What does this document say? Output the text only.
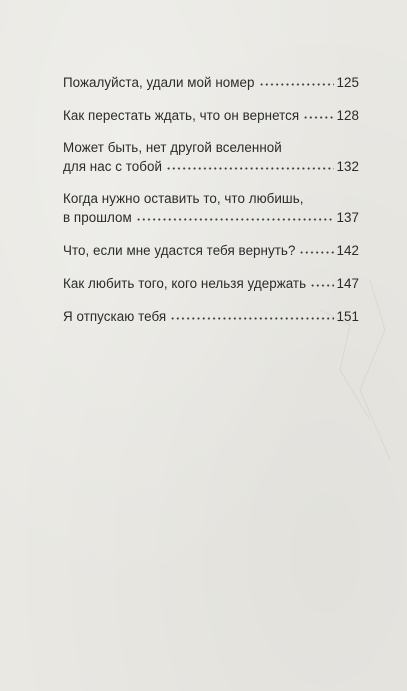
Пожалуйста, удали мой номер	125
Как перестать ждать, что он вернется	128
Может быть, нет другой вселенной
для нас с тобой	132
Когда нужно оставить то, что любишь,
в прошлом	137
Что, если мне удастся тебя вернуть?	142
Как любить того, кого нельзя удержать 147
Я отпускаю тебя	151
